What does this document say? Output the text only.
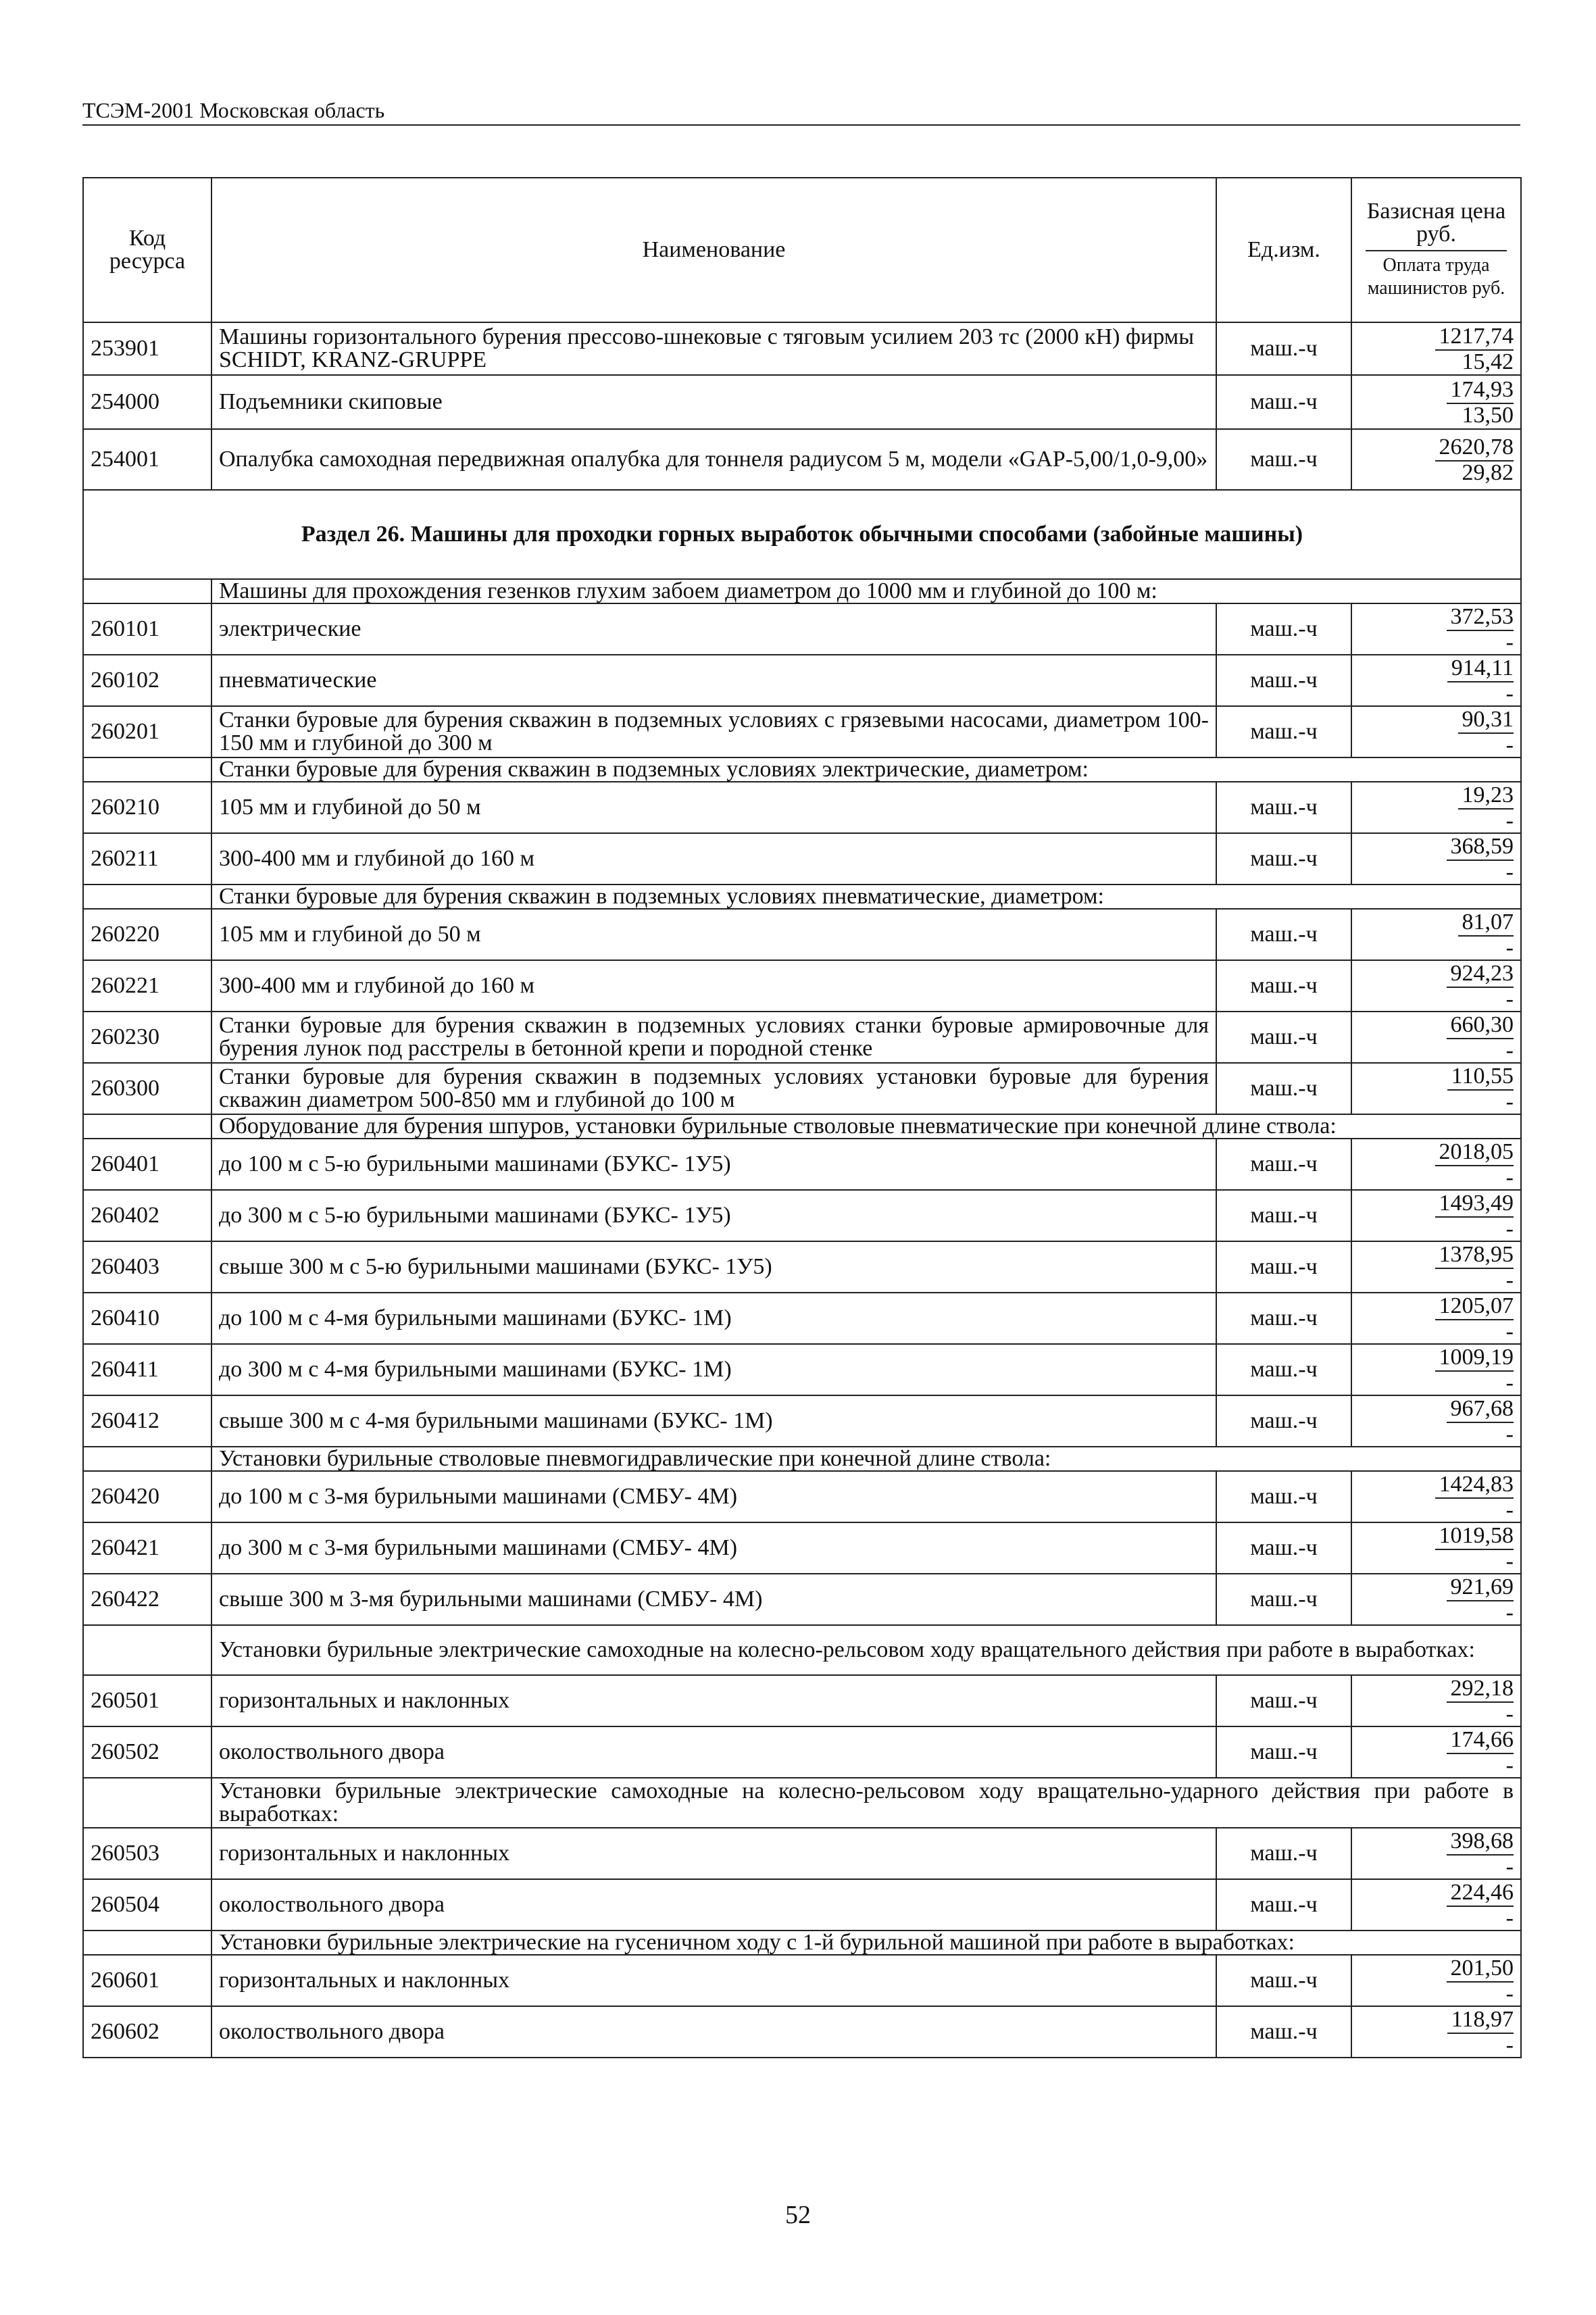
ТСЭМ-2001 Московская область
Код ресурса	Наименование	Ед.изм.	Базисная цена руб.
Оплата труда машинистов руб.

253901	Машины горизонтального бурения прессово-шнековые с тяговым усилием 203 тс (2000 кН) фирмы SCHIDT, KRANZ-GRUPPE	маш.-ч	1217,74
15,42

254000	Подъемники скиповые	маш.-ч	174,93
13,50

254001	Опалубка самоходная передвижная опалубка для тоннеля радиусом 5 м, модели «GAP-5,00/1,0-9,00»	маш.-ч	2620,78
29,82

Раздел 26. Машины для проходки горных выработок обычными способами (забойные машины)			
	Машины для прохождения гезенков глухим забоем диаметром до 1000 мм и глубиной до 100 м:		
260101	электрические	маш.-ч	372,53
-

260102	пневматические	маш.-ч	914,11
-

260201	Станки буровые для бурения скважин в подземных условиях с грязевыми насосами, диаметром 100-150 мм и глубиной до 300 м	маш.-ч	90,31
-

	Станки буровые для бурения скважин в подземных условиях электрические, диаметром:		
260210	105 мм и глубиной до 50 м	маш.-ч	19,23
-

260211	300-400 мм и глубиной до 160 м	маш.-ч	368,59
-

	Станки буровые для бурения скважин в подземных условиях пневматические, диаметром:		
260220	105 мм и глубиной до 50 м	маш.-ч	81,07
-

260221	300-400 мм и глубиной до 160 м	маш.-ч	924,23
-

260230	Станки буровые для бурения скважин в подземных условиях станки буровые армировочные для бурения лунок под расстрелы в бетонной крепи и породной стенке	маш.-ч	660,30
-

260300	Станки буровые для бурения скважин в подземных условиях установки буровые для бурения скважин диаметром 500-850 мм и глубиной до 100 м	маш.-ч	110,55
-

	Оборудование для бурения шпуров, установки бурильные стволовые пневматические при конечной длине ствола:		
260401	до 100 м с 5-ю бурильными машинами (БУКС- 1У5)	маш.-ч	2018,05
-

260402	до 300 м с 5-ю бурильными машинами (БУКС- 1У5)	маш.-ч	1493,49
-

260403	свыше 300 м с 5-ю бурильными машинами (БУКС- 1У5)	маш.-ч	1378,95
-

260410	до 100 м с 4-мя бурильными машинами (БУКС- 1М)	маш.-ч	1205,07
-

260411	до 300 м с 4-мя бурильными машинами (БУКС- 1М)	маш.-ч	1009,19
-

260412	свыше 300 м с 4-мя бурильными машинами (БУКС- 1М)	маш.-ч	967,68
-

	Установки бурильные стволовые пневмогидравлические при конечной длине ствола:		
260420	до 100 м с 3-мя бурильными машинами (СМБУ- 4М)	маш.-ч	1424,83
-

260421	до 300 м с 3-мя бурильными машинами (СМБУ- 4М)	маш.-ч	1019,58
-

260422	свыше 300 м 3-мя бурильными машинами (СМБУ- 4М)	маш.-ч	921,69
-

	Установки бурильные электрические самоходные на колесно-рельсовом ходу вращательного действия при работе в выработках:		
260501	горизонтальных и наклонных	маш.-ч	292,18
-

260502	околоствольного двора	маш.-ч	174,66
-

	Установки бурильные электрические самоходные на колесно-рельсовом ходу вращательно-ударного действия при работе в выработках:		
260503	горизонтальных и наклонных	маш.-ч	398,68
-

260504	околоствольного двора	маш.-ч	224,46
-

	Установки бурильные электрические на гусеничном ходу с 1-й бурильной машиной при работе в выработках:		
260601	горизонтальных и наклонных	маш.-ч	201,50
-

260602	околоствольного двора	маш.-ч	118,97
-
52
